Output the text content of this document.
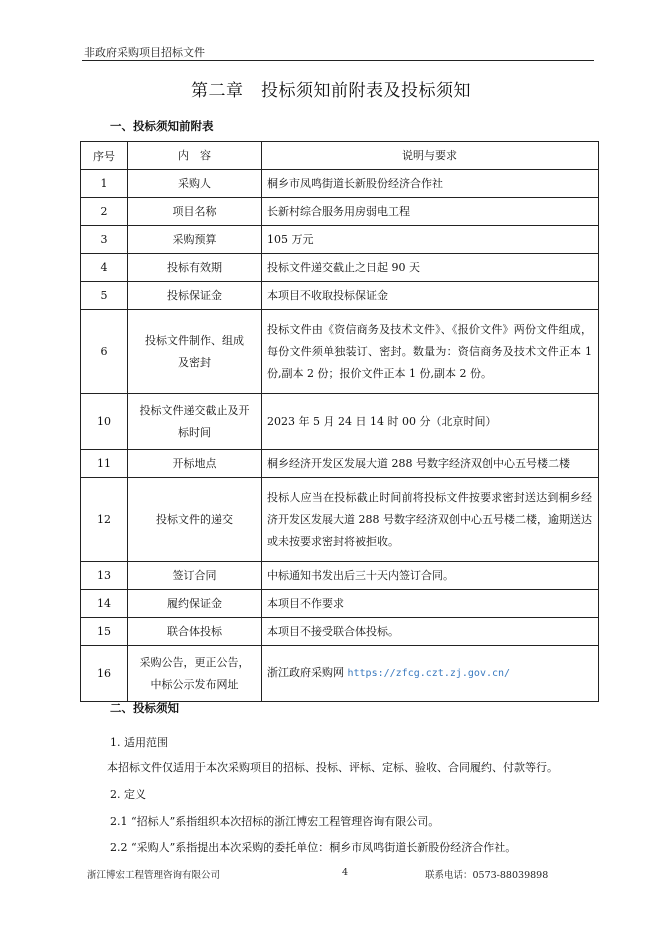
非政府采购项目招标文件
第二章　投标须知前附表及投标须知
一、投标须知前附表
序号	内　容	说明与要求
1	采购人	桐乡市凤鸣街道长新股份经济合作社
2	项目名称	长新村综合服务用房弱电工程
3	采购预算	105 万元
4	投标有效期	投标文件递交截止之日起 90 天
5	投标保证金	本项目不收取投标保证金
6	投标文件制作、组成及密封	投标文件由《资信商务及技术文件》、《报价文件》两份文件组成，每份文件须单独装订、密封。数量为：资信商务及技术文件正本 1 份,副本 2 份；报价文件正本 1 份,副本 2 份。
10	投标文件递交截止及开标时间	2023 年 5 月 24 日 14 时 00 分（北京时间）
11	开标地点	桐乡经济开发区发展大道 288 号数字经济双创中心五号楼二楼
12	投标文件的递交	投标人应当在投标截止时间前将投标文件按要求密封送达到桐乡经济开发区发展大道 288 号数字经济双创中心五号楼二楼，逾期送达或未按要求密封将被拒收。
13	签订合同	中标通知书发出后三十天内签订合同。
14	履约保证金	本项目不作要求
15	联合体投标	本项目不接受联合体投标。
16	采购公告，更正公告，中标公示发布网址	浙江政府采购网 https://zfcg.czt.zj.gov.cn/
二、投标须知
1. 适用范围
本招标文件仅适用于本次采购项目的招标、投标、评标、定标、验收、合同履约、付款等行。
2. 定义
2.1 “招标人”系指组织本次招标的浙江博宏工程管理咨询有限公司。
2.2 “采购人”系指提出本次采购的委托单位：桐乡市凤鸣街道长新股份经济合作社。
浙江博宏工程管理咨询有限公司	4	联系电话：0573-88039898
